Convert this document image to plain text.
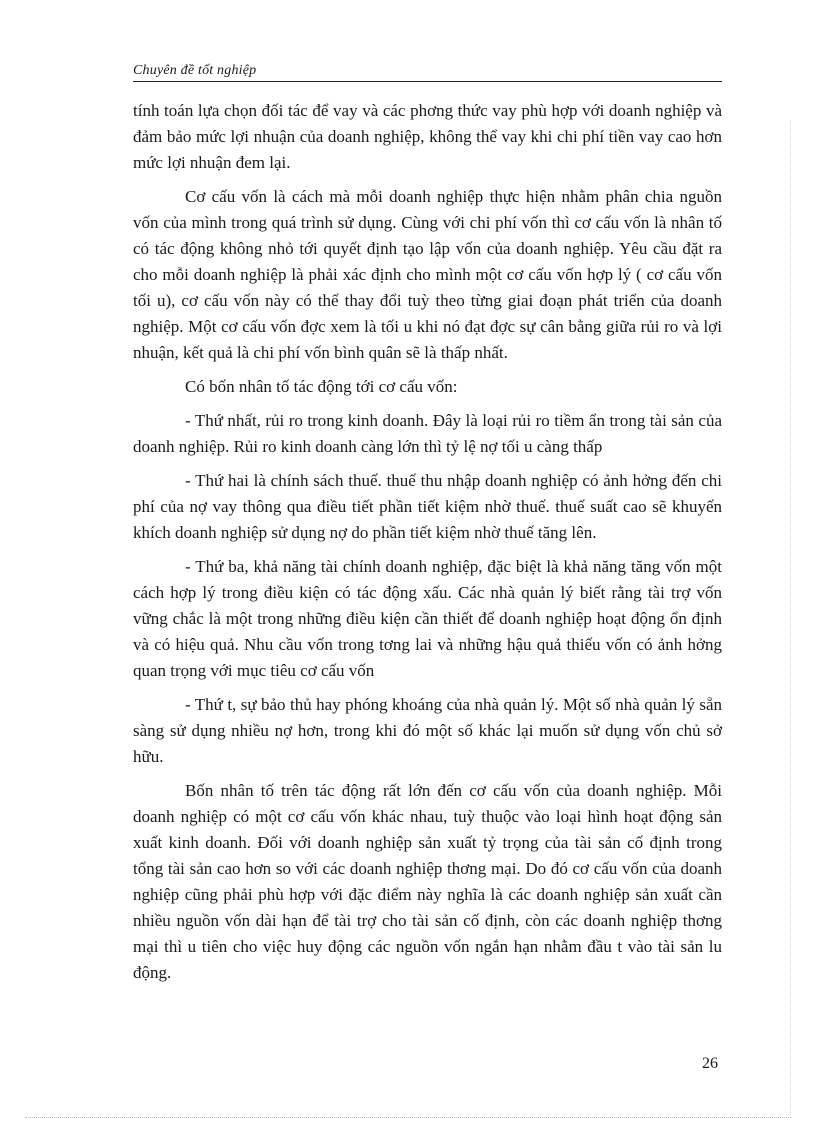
Chuyên đề tốt nghiệp

tính toán lựa chọn đối tác để vay và các phơng thức vay phù hợp với doanh nghiệp và đảm bảo mức lợi nhuận của doanh nghiệp, không thể vay khi chi phí tiền vay cao hơn mức lợi nhuận đem lại.

Cơ cấu vốn là cách mà mỗi doanh nghiệp thực hiện nhằm phân chia nguồn vốn của mình trong quá trình sử dụng. Cùng với chi phí vốn thì cơ cấu vốn là nhân tố có tác động không nhỏ tới quyết định tạo lập vốn của doanh nghiệp. Yêu cầu đặt ra cho mỗi doanh nghiệp là phải xác định cho mình một cơ cấu vốn hợp lý ( cơ cấu vốn tối u), cơ cấu vốn này có thể thay đổi tuỳ theo từng giai đoạn phát triển của doanh nghiệp. Một cơ cấu vốn đợc xem là tối u khi nó đạt đợc sự cân bằng giữa rủi ro và lợi nhuận, kết quả là chi phí vốn bình quân sẽ là thấp nhất.

Có bốn nhân tố tác động tới cơ cấu vốn:

- Thứ nhất, rủi ro trong kinh doanh. Đây là loại rủi ro tiềm ẩn trong tài sản của doanh nghiệp. Rủi ro kinh doanh càng lớn thì tỷ lệ nợ tối u càng thấp

- Thứ hai là chính sách thuế. thuế thu nhập doanh nghiệp có ảnh hởng đến chi phí của nợ vay thông qua điều tiết phần tiết kiệm nhờ thuế. thuế suất cao sẽ khuyến khích doanh nghiệp sử dụng nợ do phần tiết kiệm nhờ thuế tăng lên.

- Thứ ba, khả năng tài chính doanh nghiệp, đặc biệt là khả năng tăng vốn một cách hợp lý trong điều kiện có tác động xấu. Các nhà quản lý biết rằng tài trợ vốn vững chắc là một trong những điều kiện cần thiết để doanh nghiệp hoạt động ổn định và có hiệu quả. Nhu cầu vốn trong tơng lai và những hậu quả thiếu vốn có ảnh hởng quan trọng với mục tiêu cơ cấu vốn

- Thứ t, sự bảo thủ hay phóng khoáng của nhà quản lý. Một số nhà quản lý sẵn sàng sử dụng nhiều nợ hơn, trong khi đó một số khác lại muốn sử dụng vốn chủ sở hữu.

Bốn nhân tố trên tác động rất lớn đến cơ cấu vốn của doanh nghiệp. Mỗi doanh nghiệp có một cơ cấu vốn khác nhau, tuỳ thuộc vào loại hình hoạt động sản xuất kinh doanh. Đối với doanh nghiệp sản xuất tỷ trọng của tài sản cố định trong tổng tài sản cao hơn so với các doanh nghiệp thơng mại. Do đó cơ cấu vốn của doanh nghiệp cũng phải phù hợp với đặc điểm này nghĩa là các doanh nghiệp sản xuất cần nhiều nguồn vốn dài hạn để tài trợ cho tài sản cố định, còn các doanh nghiệp thơng mại thì u tiên cho việc huy động các nguồn vốn ngắn hạn nhằm đầu t vào tài sản lu động.

26
